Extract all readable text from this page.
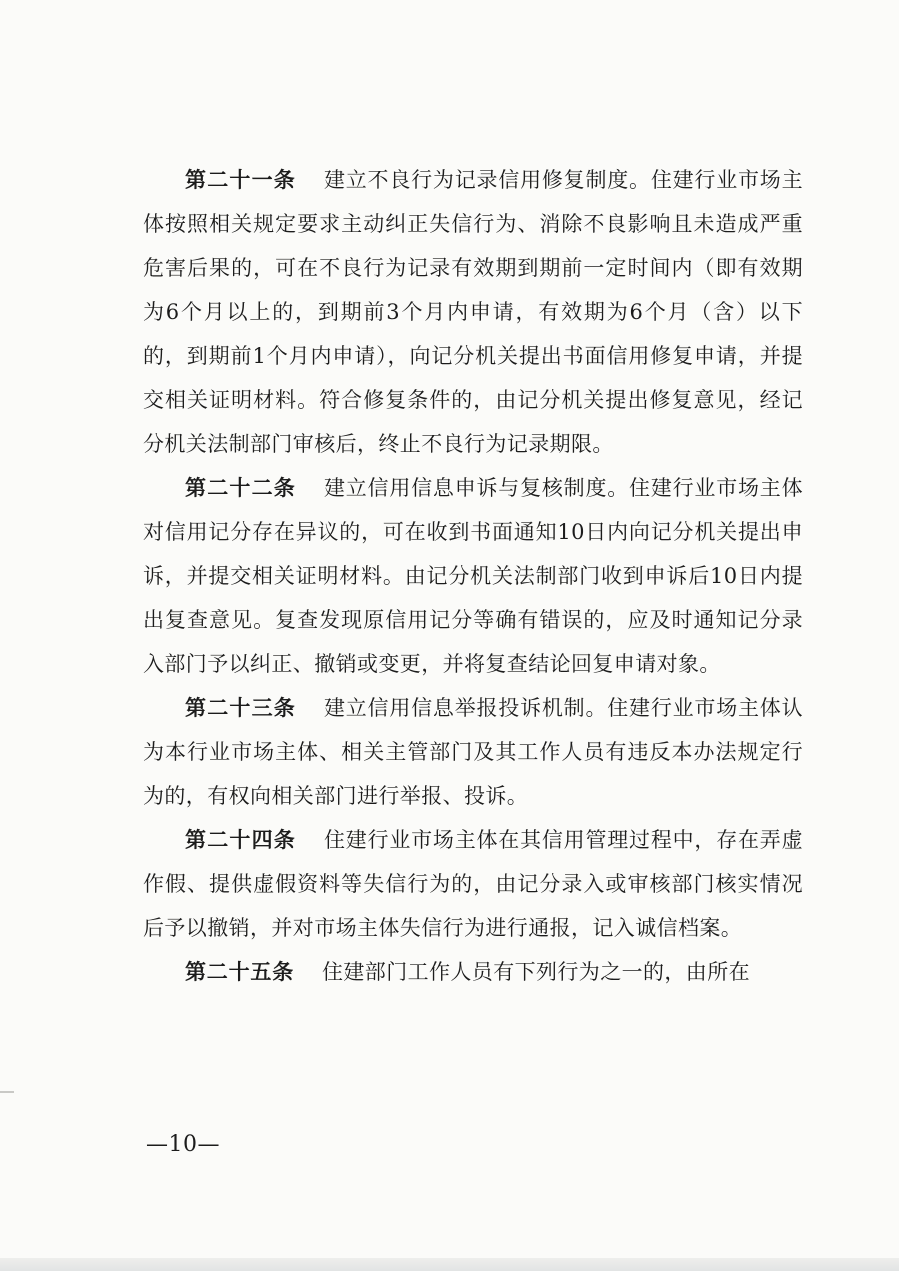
第二十一条 建立不良行为记录信用修复制度。住建行业市场主体按照相关规定要求主动纠正失信行为、消除不良影响且未造成严重危害后果的，可在不良行为记录有效期到期前一定时间内（即有效期为6个月以上的，到期前3个月内申请，有效期为6个月（含）以下的，到期前1个月内申请），向记分机关提出书面信用修复申请，并提交相关证明材料。符合修复条件的，由记分机关提出修复意见，经记分机关法制部门审核后，终止不良行为记录期限。

第二十二条 建立信用信息申诉与复核制度。住建行业市场主体对信用记分存在异议的，可在收到书面通知10日内向记分机关提出申诉，并提交相关证明材料。由记分机关法制部门收到申诉后10日内提出复查意见。复查发现原信用记分等确有错误的，应及时通知记分录入部门予以纠正、撤销或变更，并将复查结论回复申请对象。

第二十三条 建立信用信息举报投诉机制。住建行业市场主体认为本行业市场主体、相关主管部门及其工作人员有违反本办法规定行为的，有权向相关部门进行举报、投诉。

第二十四条 住建行业市场主体在其信用管理过程中，存在弄虚作假、提供虚假资料等失信行为的，由记分录入或审核部门核实情况后予以撤销，并对市场主体失信行为进行通报，记入诚信档案。

第二十五条 住建部门工作人员有下列行为之一的，由所在

—10—
